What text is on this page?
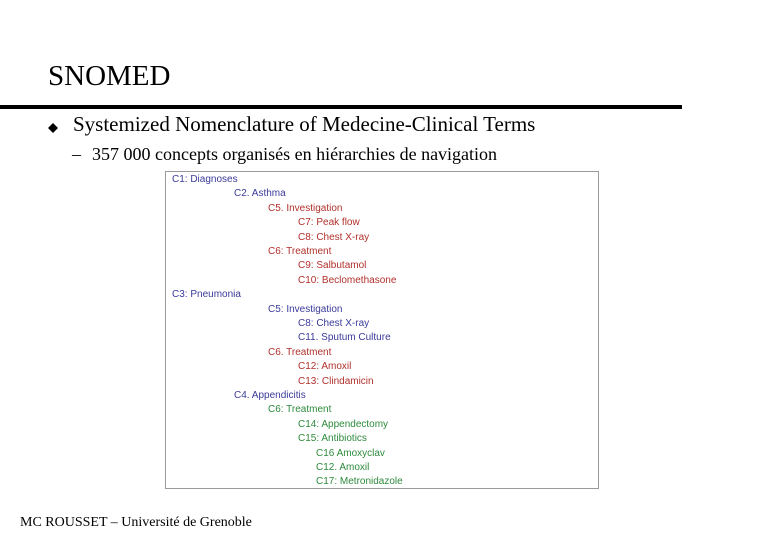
SNOMED
Systemized Nomenclature of Medecine-Clinical Terms
– 357 000 concepts organisés en hiérarchies de navigation
C1: Diagnoses
C2. Asthma
C5. Investigation
C7: Peak flow
C8: Chest X-ray
C6: Treatment
C9: Salbutamol
C10: Beclomethasone
C3: Pneumonia
C5: Investigation
C8: Chest X-ray
C11. Sputum Culture
C6. Treatment
C12: Amoxil
C13: Clindamicin
C4. Appendicitis
C6: Treatment
C14: Appendectomy
C15: Antibiotics
C16 Amoxyclav
C12. Amoxil
C17: Metronidazole
MC ROUSSET – Université de Grenoble
